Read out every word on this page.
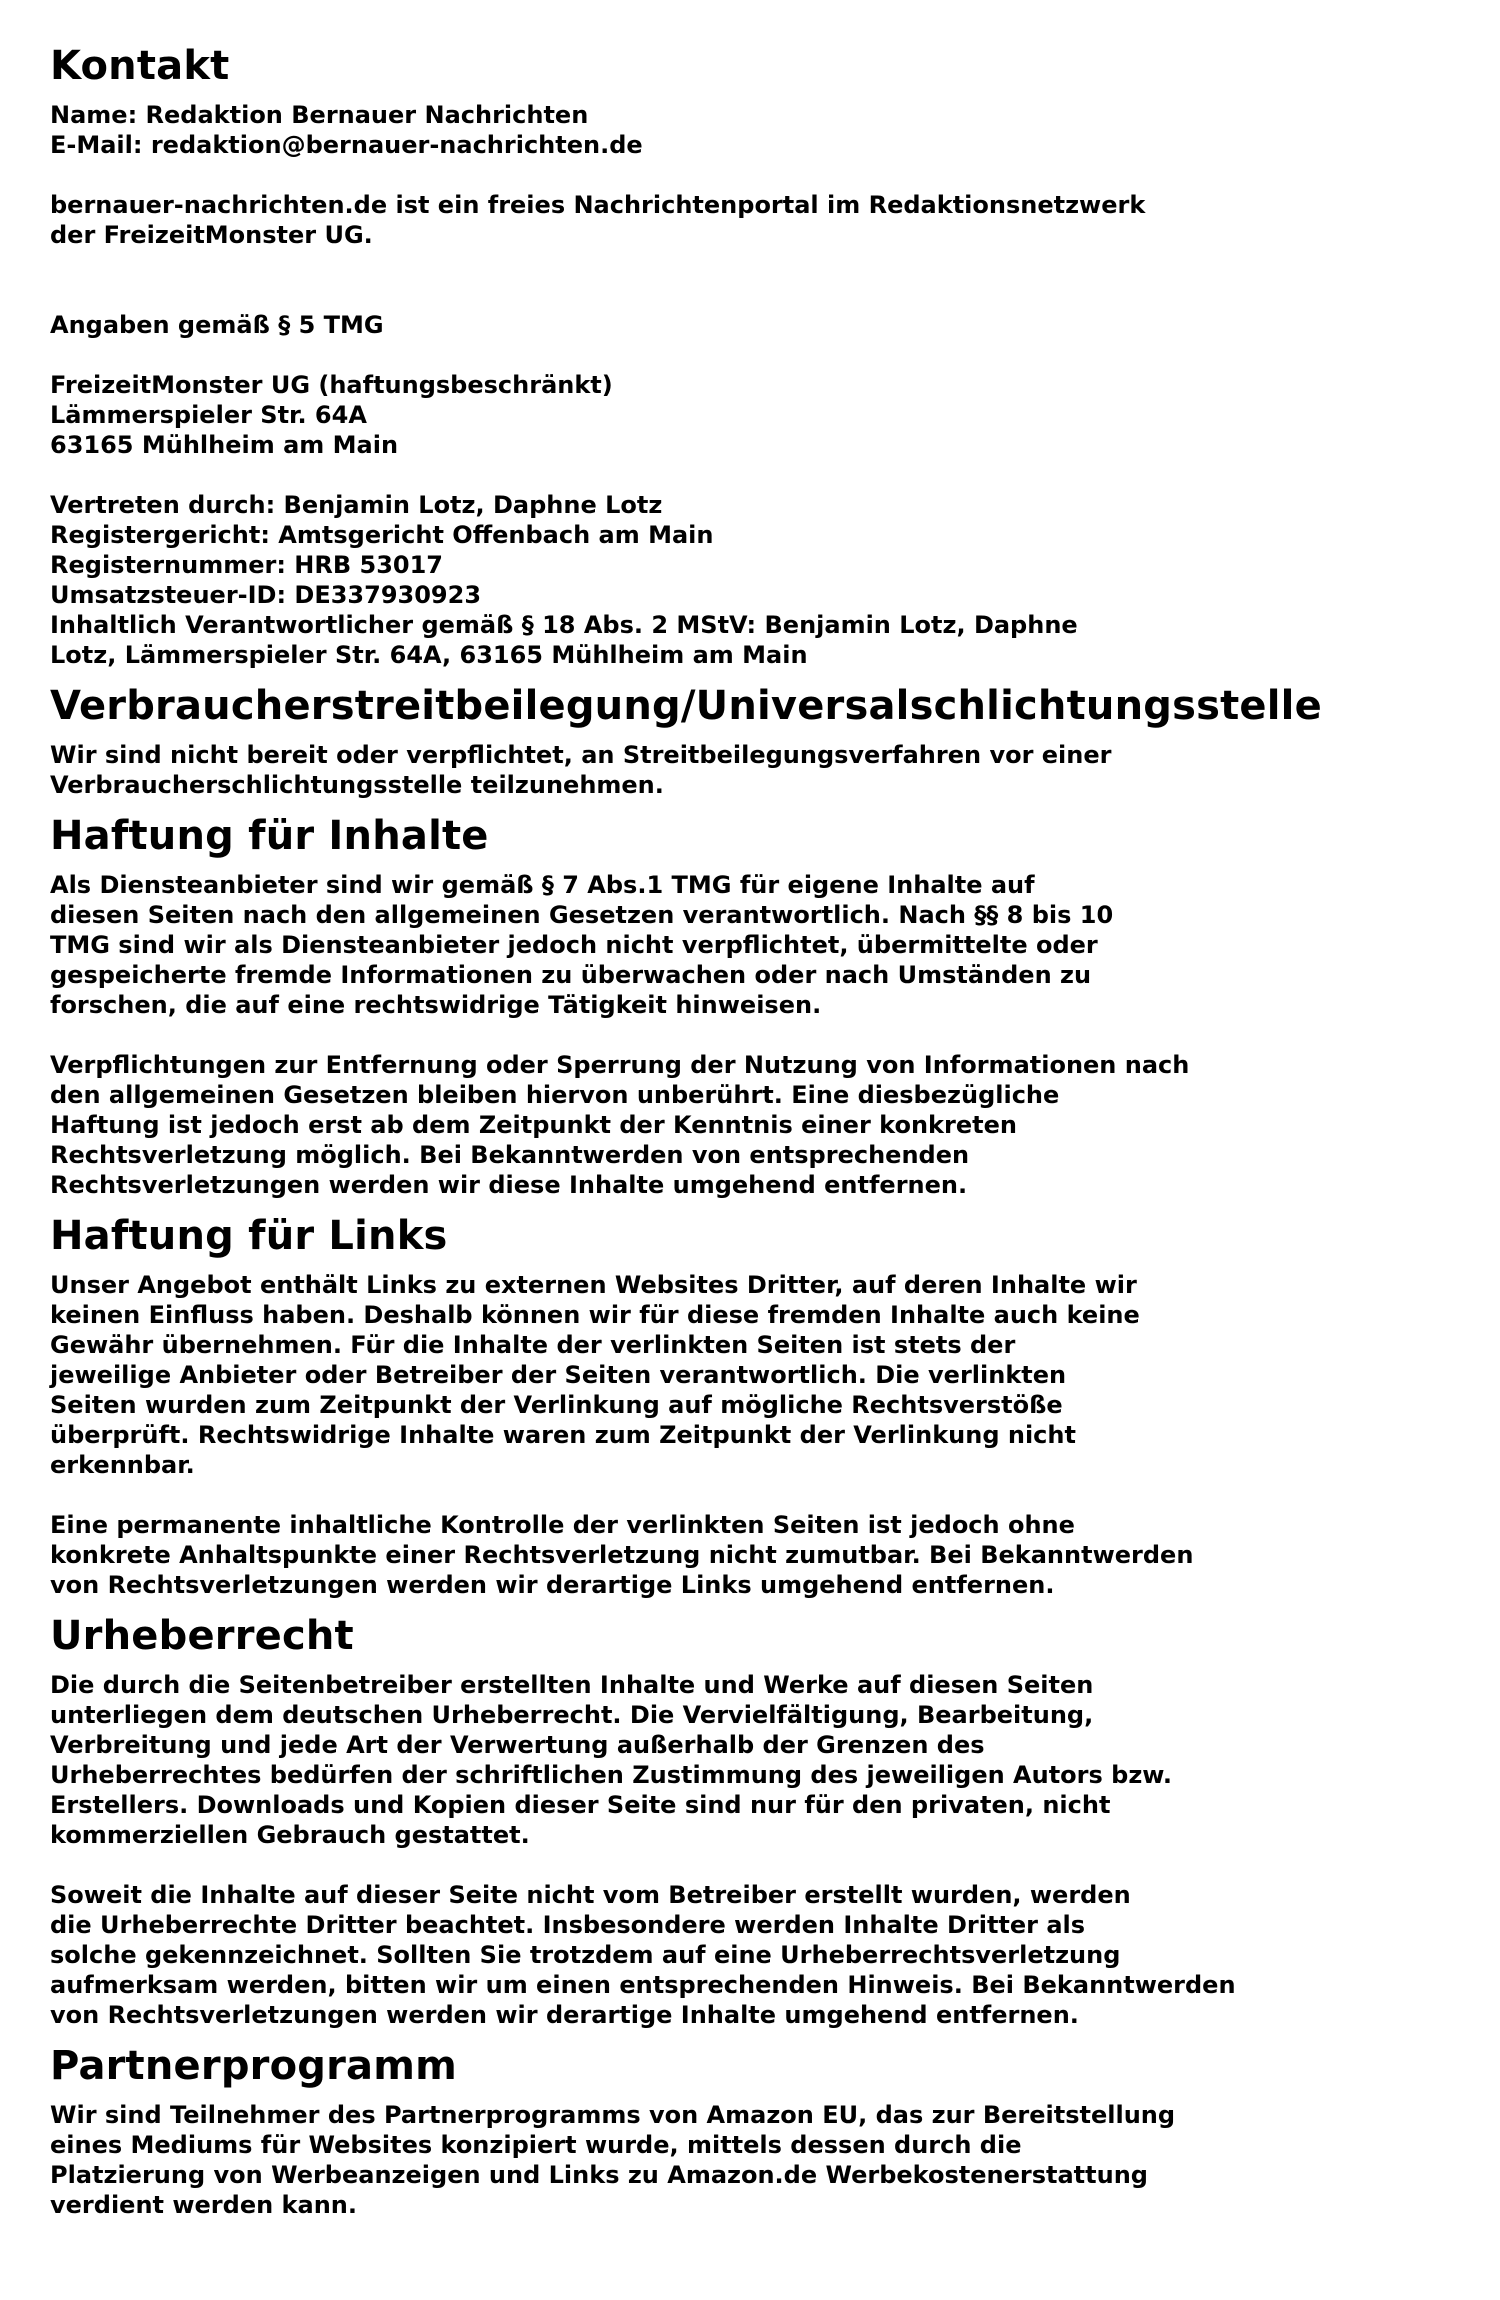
Kontakt
Name: Redaktion Bernauer Nachrichten
E-Mail: redaktion@bernauer-nachrichten.de
bernauer-nachrichten.de ist ein freies Nachrichtenportal im Redaktionsnetzwerk
der FreizeitMonster UG.
Angaben gemäß § 5 TMG
FreizeitMonster UG (haftungsbeschränkt)
Lämmerspieler Str. 64A
63165 Mühlheim am Main
Vertreten durch: Benjamin Lotz, Daphne Lotz
Registergericht: Amtsgericht Offenbach am Main
Registernummer: HRB 53017
Umsatzsteuer-ID: DE337930923
Inhaltlich Verantwortlicher gemäß § 18 Abs. 2 MStV: Benjamin Lotz, Daphne
Lotz, Lämmerspieler Str. 64A, 63165 Mühlheim am Main
Verbraucherstreitbeilegung/Universalschlichtungsstelle
Wir sind nicht bereit oder verpflichtet, an Streitbeilegungsverfahren vor einer
Verbraucherschlichtungsstelle teilzunehmen.
Haftung für Inhalte
Als Diensteanbieter sind wir gemäß § 7 Abs.1 TMG für eigene Inhalte auf
diesen Seiten nach den allgemeinen Gesetzen verantwortlich. Nach §§ 8 bis 10
TMG sind wir als Diensteanbieter jedoch nicht verpflichtet, übermittelte oder
gespeicherte fremde Informationen zu überwachen oder nach Umständen zu
forschen, die auf eine rechtswidrige Tätigkeit hinweisen.
Verpflichtungen zur Entfernung oder Sperrung der Nutzung von Informationen nach
den allgemeinen Gesetzen bleiben hiervon unberührt. Eine diesbezügliche
Haftung ist jedoch erst ab dem Zeitpunkt der Kenntnis einer konkreten
Rechtsverletzung möglich. Bei Bekanntwerden von entsprechenden
Rechtsverletzungen werden wir diese Inhalte umgehend entfernen.
Haftung für Links
Unser Angebot enthält Links zu externen Websites Dritter, auf deren Inhalte wir
keinen Einfluss haben. Deshalb können wir für diese fremden Inhalte auch keine
Gewähr übernehmen. Für die Inhalte der verlinkten Seiten ist stets der
jeweilige Anbieter oder Betreiber der Seiten verantwortlich. Die verlinkten
Seiten wurden zum Zeitpunkt der Verlinkung auf mögliche Rechtsverstöße
überprüft. Rechtswidrige Inhalte waren zum Zeitpunkt der Verlinkung nicht
erkennbar.
Eine permanente inhaltliche Kontrolle der verlinkten Seiten ist jedoch ohne
konkrete Anhaltspunkte einer Rechtsverletzung nicht zumutbar. Bei Bekanntwerden
von Rechtsverletzungen werden wir derartige Links umgehend entfernen.
Urheberrecht
Die durch die Seitenbetreiber erstellten Inhalte und Werke auf diesen Seiten
unterliegen dem deutschen Urheberrecht. Die Vervielfältigung, Bearbeitung,
Verbreitung und jede Art der Verwertung außerhalb der Grenzen des
Urheberrechtes bedürfen der schriftlichen Zustimmung des jeweiligen Autors bzw.
Erstellers. Downloads und Kopien dieser Seite sind nur für den privaten, nicht
kommerziellen Gebrauch gestattet.
Soweit die Inhalte auf dieser Seite nicht vom Betreiber erstellt wurden, werden
die Urheberrechte Dritter beachtet. Insbesondere werden Inhalte Dritter als
solche gekennzeichnet. Sollten Sie trotzdem auf eine Urheberrechtsverletzung
aufmerksam werden, bitten wir um einen entsprechenden Hinweis. Bei Bekanntwerden
von Rechtsverletzungen werden wir derartige Inhalte umgehend entfernen.
Partnerprogramm
Wir sind Teilnehmer des Partnerprogramms von Amazon EU, das zur Bereitstellung
eines Mediums für Websites konzipiert wurde, mittels dessen durch die
Platzierung von Werbeanzeigen und Links zu Amazon.de Werbekostenerstattung
verdient werden kann.
